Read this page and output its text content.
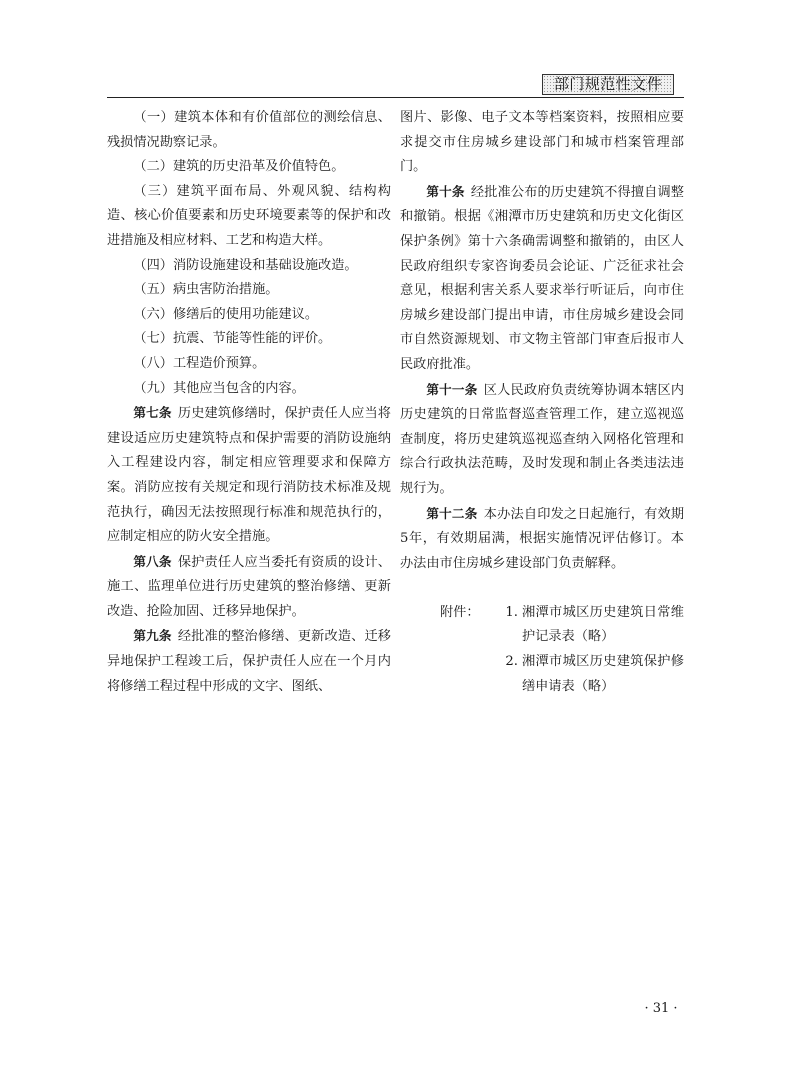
部门规范性文件

（一）建筑本体和有价值部位的测绘信息、残损情况勘察记录。

（二）建筑的历史沿革及价值特色。

（三）建筑平面布局、外观风貌、结构构造、核心价值要素和历史环境要素等的保护和改进措施及相应材料、工艺和构造大样。

（四）消防设施建设和基础设施改造。

（五）病虫害防治措施。

（六）修缮后的使用功能建议。

（七）抗震、节能等性能的评价。

（八）工程造价预算。

（九）其他应当包含的内容。

第七条 历史建筑修缮时，保护责任人应当将建设适应历史建筑特点和保护需要的消防设施纳入工程建设内容，制定相应管理要求和保障方案。消防应按有关规定和现行消防技术标准及规范执行，确因无法按照现行标准和规范执行的，应制定相应的防火安全措施。

第八条 保护责任人应当委托有资质的设计、施工、监理单位进行历史建筑的整治修缮、更新改造、抢险加固、迁移异地保护。

第九条 经批准的整治修缮、更新改造、迁移异地保护工程竣工后，保护责任人应在一个月内将修缮工程过程中形成的文字、图纸、

图片、影像、电子文本等档案资料，按照相应要求提交市住房城乡建设部门和城市档案管理部门。

第十条 经批准公布的历史建筑不得擅自调整和撤销。根据《湘潭市历史建筑和历史文化街区保护条例》第十六条确需调整和撤销的，由区人民政府组织专家咨询委员会论证、广泛征求社会意见，根据利害关系人要求举行听证后，向市住房城乡建设部门提出申请，市住房城乡建设会同市自然资源规划、市文物主管部门审查后报市人民政府批准。

第十一条 区人民政府负责统筹协调本辖区内历史建筑的日常监督巡查管理工作，建立巡视巡查制度，将历史建筑巡视巡查纳入网格化管理和综合行政执法范畴，及时发现和制止各类违法违规行为。

第十二条 本办法自印发之日起施行，有效期5年，有效期届满，根据实施情况评估修订。本办法由市住房城乡建设部门负责解释。

附件：	1. 湘潭市城区历史建筑日常维护记录表（略）
2. 湘潭市城区历史建筑保护修缮申请表（略）
· 31 ·
